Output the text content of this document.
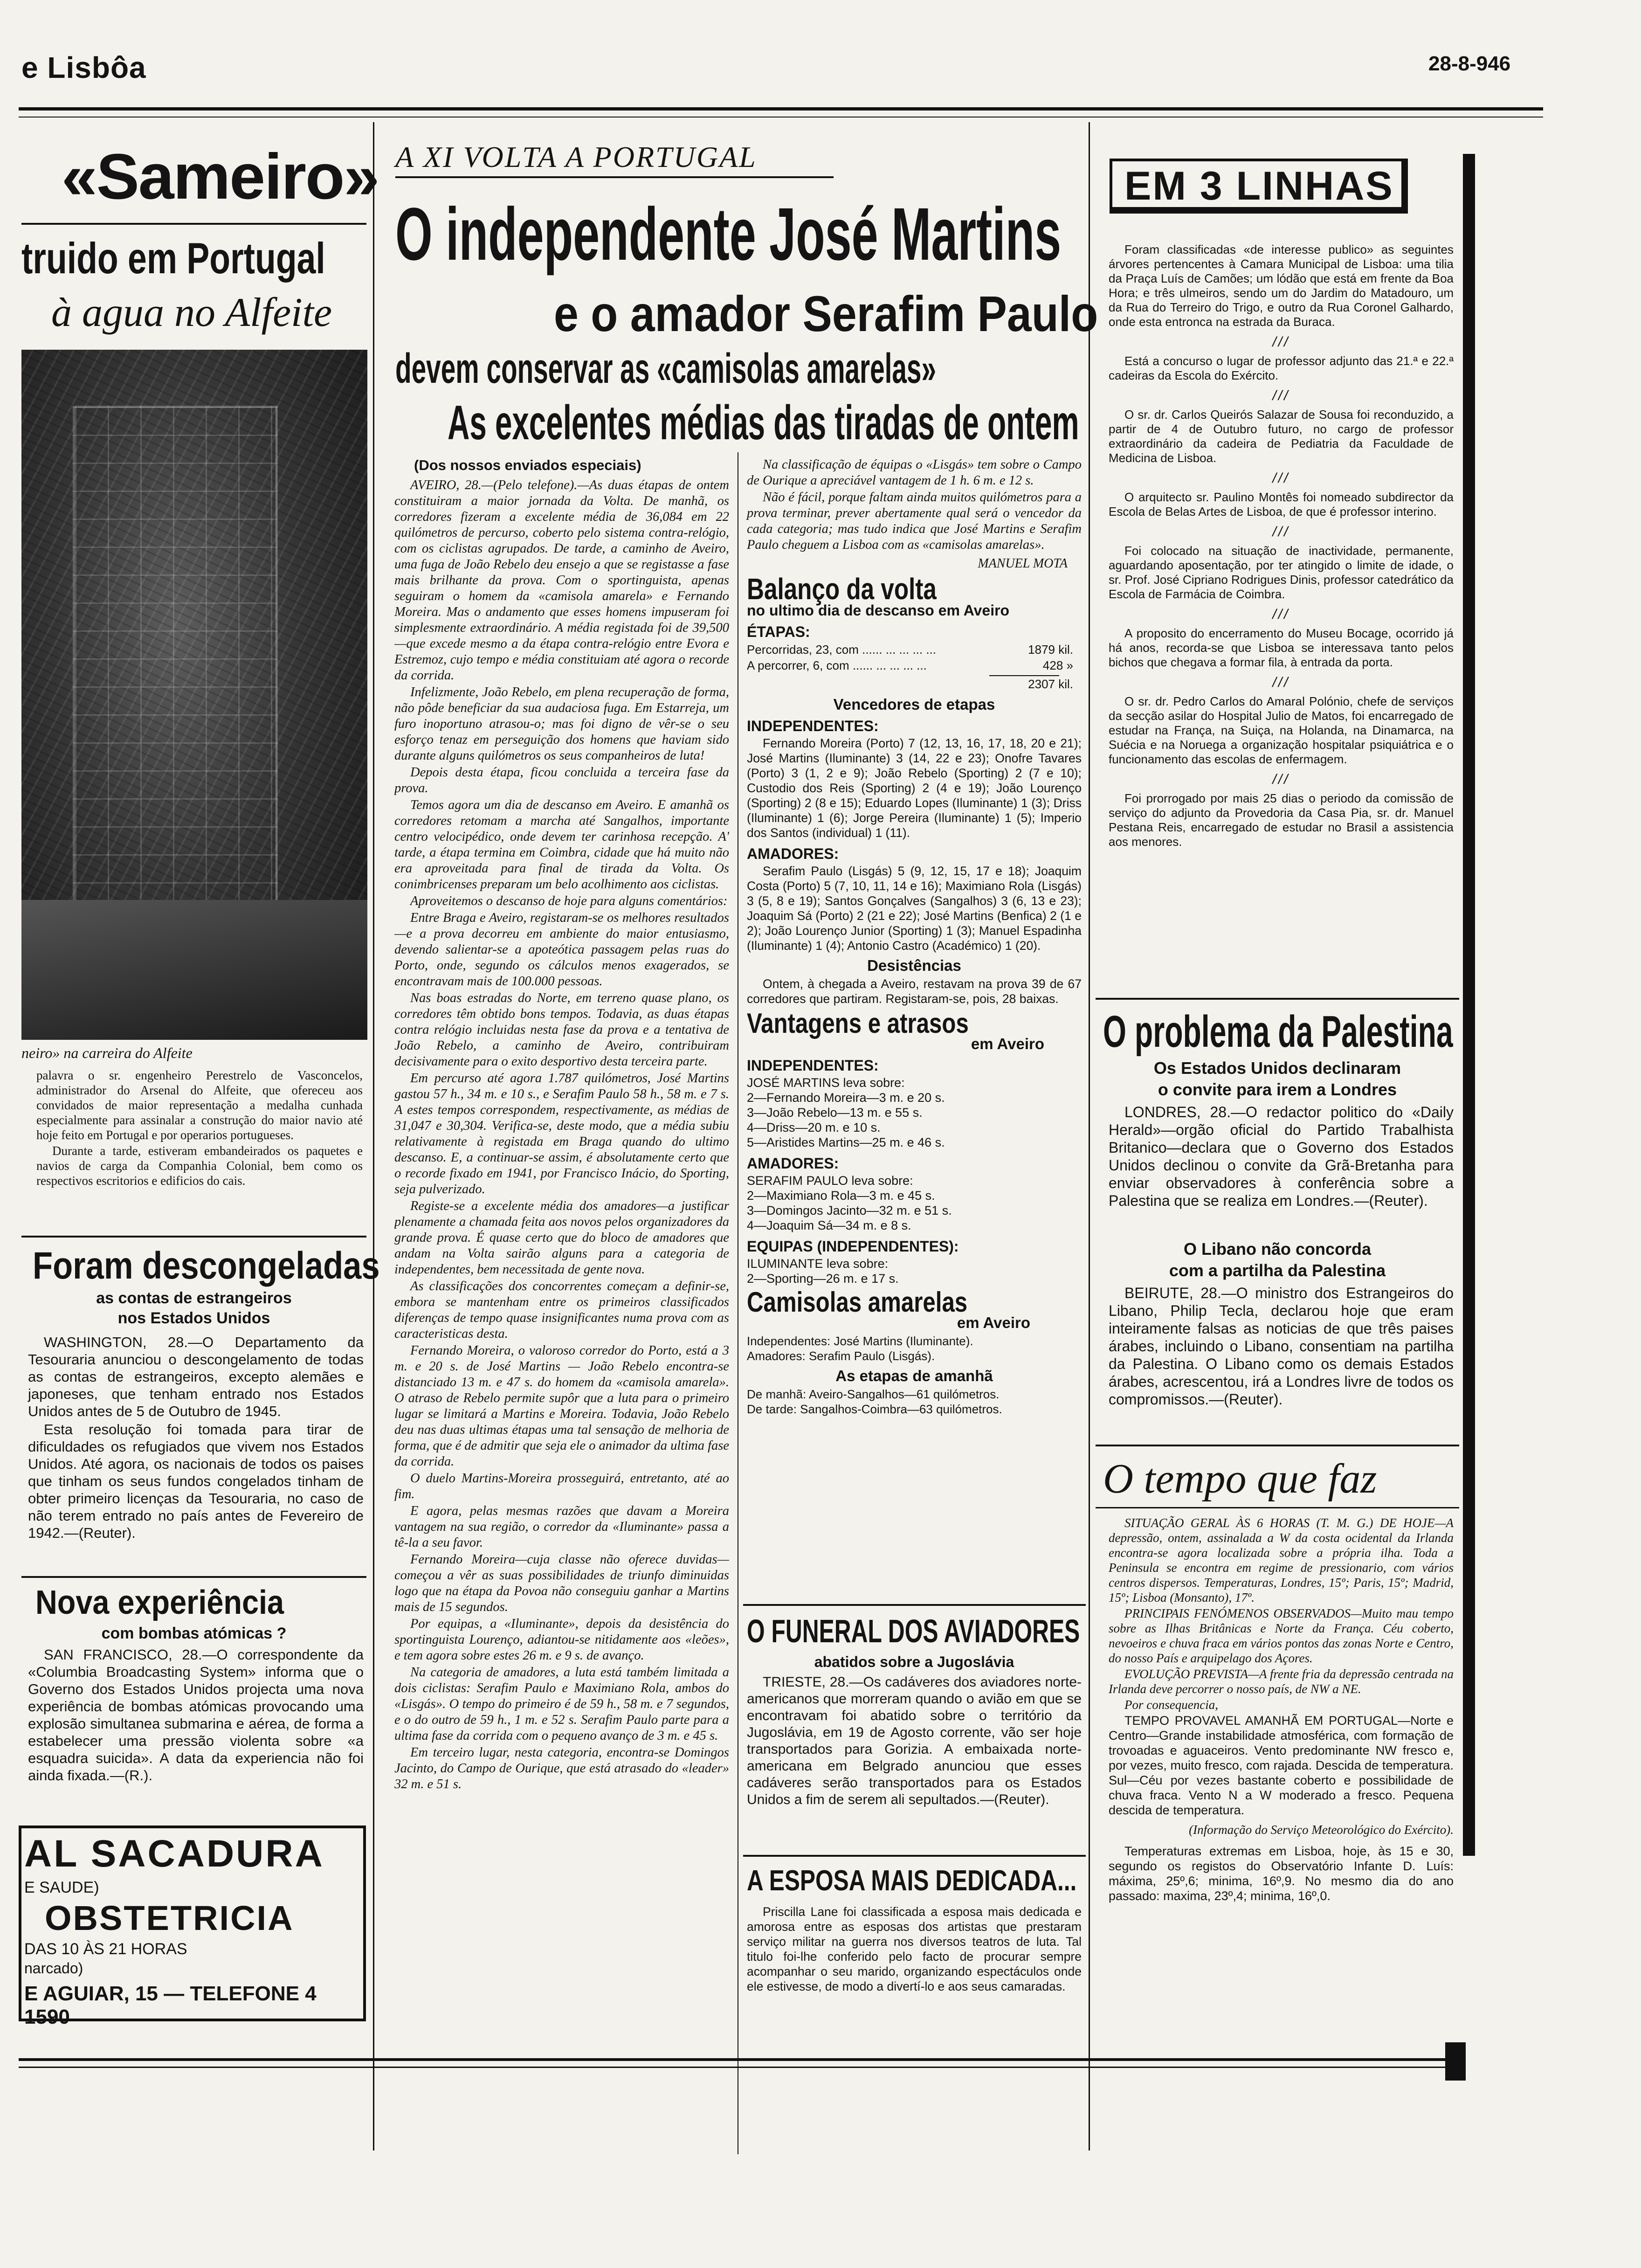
e Lisbôa	28-8-946
«Sameiro»
truido em Portugal
à agua no Alfeite
neiro» na carreira do Alfeite

palavra o sr. engenheiro Perestrelo de Vasconcelos, administrador do Arsenal do Alfeite, que ofereceu aos convidados de maior representação a medalha cunhada especialmente para assinalar a construção do maior navio até hoje feito em Portugal e por operarios portugueses.

Durante a tarde, estiveram embandeirados os paquetes e navios de carga da Companhia Colonial, bem como os respectivos escritorios e edificios do cais.

Foram descongeladas
as contas de estrangeiros
nos Estados Unidos

WASHINGTON, 28.—O Departamento da Tesouraria anunciou o descongelamento de todas as contas de estrangeiros, excepto alemães e japoneses, que tenham entrado nos Estados Unidos antes de 5 de Outubro de 1945.

Esta resolução foi tomada para tirar de dificuldades os refugiados que vivem nos Estados Unidos. Até agora, os nacionais de todos os paises que tinham os seus fundos congelados tinham de obter primeiro licenças da Tesouraria, no caso de não terem entrado no país antes de Fevereiro de 1942.—(Reuter).

Nova experiência
com bombas atómicas ?

SAN FRANCISCO, 28.—O correspondente da «Columbia Broadcasting System» informa que o Governo dos Estados Unidos projecta uma nova experiência de bombas atómicas provocando uma explosão simultanea submarina e aérea, de forma a estabelecer uma pressão violenta sobre «a esquadra suicida». A data da experiencia não foi ainda fixada.—(R.).

AL SACADURA
E SAUDE)
OBSTETRICIA
DAS 10 ÀS 21 HORAS
narcado)
E AGUIAR, 15 — TELEFONE 4 1590
A XI VOLTA A PORTUGAL
O independente José Martins
e o amador Serafim Paulo
devem conservar as «camisolas amarelas»
As excelentes médias das tiradas de ontem
(Dos nossos enviados especiais)

AVEIRO, 28.—(Pelo telefone).—As duas étapas de ontem constituiram a maior jornada da Volta. De manhã, os corredores fizeram a excelente média de 36,084 em 22 quilómetros de percurso, coberto pelo sistema contra-relógio, com os ciclistas agrupados. De tarde, a caminho de Aveiro, uma fuga de João Rebelo deu ensejo a que se registasse a fase mais brilhante da prova. Com o sportinguista, apenas seguiram o homem da «camisola amarela» e Fernando Moreira. Mas o andamento que esses homens impuseram foi simplesmente extraordinário. A média registada foi de 39,500—que excede mesmo a da étapa contra-relógio entre Evora e Estremoz, cujo tempo e média constituiam até agora o recorde da corrida.

Infelizmente, João Rebelo, em plena recuperação de forma, não pôde beneficiar da sua audaciosa fuga. Em Estarreja, um furo inoportuno atrasou-o; mas foi digno de vêr-se o seu esforço tenaz em perseguição dos homens que haviam sido durante alguns quilómetros os seus companheiros de luta!

Depois desta étapa, ficou concluida a terceira fase da prova.

Temos agora um dia de descanso em Aveiro. E amanhã os corredores retomam a marcha até Sangalhos, importante centro velocipédico, onde devem ter carinhosa recepção. A' tarde, a étapa termina em Coimbra, cidade que há muito não era aproveitada para final de tirada da Volta. Os conimbricenses preparam um belo acolhimento aos ciclistas.

Aproveitemos o descanso de hoje para alguns comentários:

Entre Braga e Aveiro, registaram-se os melhores resultados—e a prova decorreu em ambiente do maior entusiasmo, devendo salientar-se a apoteótica passagem pelas ruas do Porto, onde, segundo os cálculos menos exagerados, se encontravam mais de 100.000 pessoas.

Nas boas estradas do Norte, em terreno quase plano, os corredores têm obtido bons tempos. Todavia, as duas étapas contra relógio incluidas nesta fase da prova e a tentativa de João Rebelo, a caminho de Aveiro, contribuiram decisivamente para o exito desportivo desta terceira parte.

Em percurso até agora 1.787 quilómetros, José Martins gastou 57 h., 34 m. e 10 s., e Serafim Paulo 58 h., 58 m. e 7 s. A estes tempos correspondem, respectivamente, as médias de 31,047 e 30,304. Verifica-se, deste modo, que a média subiu relativamente à registada em Braga quando do ultimo descanso. E, a continuar-se assim, é absolutamente certo que o recorde fixado em 1941, por Francisco Inácio, do Sporting, seja pulverizado.

Registe-se a excelente média dos amadores—a justificar plenamente a chamada feita aos novos pelos organizadores da grande prova. É quase certo que do bloco de amadores que andam na Volta sairão alguns para a categoria de independentes, bem necessitada de gente nova.

As classificações dos concorrentes começam a definir-se, embora se mantenham entre os primeiros classificados diferenças de tempo quase insignificantes numa prova com as caracteristicas desta.

Fernando Moreira, o valoroso corredor do Porto, está a 3 m. e 20 s. de José Martins — João Rebelo encontra-se distanciado 13 m. e 47 s. do homem da «camisola amarela». O atraso de Rebelo permite supôr que a luta para o primeiro lugar se limitará a Martins e Moreira. Todavia, João Rebelo deu nas duas ultimas étapas uma tal sensação de melhoria de forma, que é de admitir que seja ele o animador da ultima fase da corrida.

O duelo Martins-Moreira prosseguirá, entretanto, até ao fim.

E agora, pelas mesmas razões que davam a Moreira vantagem na sua região, o corredor da «Iluminante» passa a tê-la a seu favor.

Fernando Moreira—cuja classe não oferece duvidas—começou a vêr as suas possibilidades de triunfo diminuidas logo que na étapa da Povoa não conseguiu ganhar a Martins mais de 15 segundos.

Por equipas, a «Iluminante», depois da desistência do sportinguista Lourenço, adiantou-se nitidamente aos «leões», e tem agora sobre estes 26 m. e 9 s. de avanço.

Na categoria de amadores, a luta está também limitada a dois ciclistas: Serafim Paulo e Maximiano Rola, ambos do «Lisgás». O tempo do primeiro é de 59 h., 58 m. e 7 segundos, e o do outro de 59 h., 1 m. e 52 s. Serafim Paulo parte para a ultima fase da corrida com o pequeno avanço de 3 m. e 45 s.

Em terceiro lugar, nesta categoria, encontra-se Domingos Jacinto, do Campo de Ourique, que está atrasado do «leader» 32 m. e 51 s.

Na classificação de équipas o «Lisgás» tem sobre o Campo de Ourique a apreciável vantagem de 1 h. 6 m. e 12 s.

Não é fácil, porque faltam ainda muitos quilómetros para a prova terminar, prever abertamente qual será o vencedor da cada categoria; mas tudo indica que José Martins e Serafim Paulo cheguem a Lisboa com as «camisolas amarelas».

MANUEL MOTA
Balanço da volta
no ultimo dia de descanso em Aveiro
ÉTAPAS:
Percorridas, 23, com ...... ... ... ... ...	1879 kil.
A percorrer, 6, com ...... ... ... ... ...	428 »
2307 kil.
Vencedores de etapas
INDEPENDENTES:

Fernando Moreira (Porto) 7 (12, 13, 16, 17, 18, 20 e 21); José Martins (Iluminante) 3 (14, 22 e 23); Onofre Tavares (Porto) 3 (1, 2 e 9); João Rebelo (Sporting) 2 (7 e 10); Custodio dos Reis (Sporting) 2 (4 e 19); João Lourenço (Sporting) 2 (8 e 15); Eduardo Lopes (Iluminante) 1 (3); Driss (Iluminante) 1 (6); Jorge Pereira (Iluminante) 1 (5); Imperio dos Santos (individual) 1 (11).

AMADORES:

Serafim Paulo (Lisgás) 5 (9, 12, 15, 17 e 18); Joaquim Costa (Porto) 5 (7, 10, 11, 14 e 16); Maximiano Rola (Lisgás) 3 (5, 8 e 19); Santos Gonçalves (Sangalhos) 3 (6, 13 e 23); Joaquim Sá (Porto) 2 (21 e 22); José Martins (Benfica) 2 (1 e 2); João Lourenço Junior (Sporting) 1 (3); Manuel Espadinha (Iluminante) 1 (4); Antonio Castro (Académico) 1 (20).

Desistências

Ontem, à chegada a Aveiro, restavam na prova 39 de 67 corredores que partiram. Registaram-se, pois, 28 baixas.

Vantagens e atrasos
em Aveiro
INDEPENDENTES:
JOSÉ MARTINS leva sobre:
2—Fernando Moreira—3 m. e 20 s.
3—João Rebelo—13 m. e 55 s.
4—Driss—20 m. e 10 s.
5—Aristides Martins—25 m. e 46 s.
AMADORES:
SERAFIM PAULO leva sobre:
2—Maximiano Rola—3 m. e 45 s.
3—Domingos Jacinto—32 m. e 51 s.
4—Joaquim Sá—34 m. e 8 s.
EQUIPAS (INDEPENDENTES):
ILUMINANTE leva sobre:
2—Sporting—26 m. e 17 s.
Camisolas amarelas
em Aveiro
Independentes: José Martins (Iluminante).
Amadores: Serafim Paulo (Lisgás).
As etapas de amanhã
De manhã: Aveiro-Sangalhos—61 quilómetros.
De tarde: Sangalhos-Coimbra—63 quilómetros.
O FUNERAL DOS AVIADORES
abatidos sobre a Jugoslávia

TRIESTE, 28.—Os cadáveres dos aviadores norte-americanos que morreram quando o avião em que se encontravam foi abatido sobre o território da Jugoslávia, em 19 de Agosto corrente, vão ser hoje transportados para Gorizia. A embaixada norte-americana em Belgrado anunciou que esses cadáveres serão transportados para os Estados Unidos a fim de serem ali sepultados.—(Reuter).

A ESPOSA MAIS DEDICADA...

Priscilla Lane foi classificada a esposa mais dedicada e amorosa entre as esposas dos artistas que prestaram serviço militar na guerra nos diversos teatros de luta. Tal titulo foi-lhe conferido pelo facto de procurar sempre acompanhar o seu marido, organizando espectáculos onde ele estivesse, de modo a divertí-lo e aos seus camaradas.

EM 3 LINHAS

Foram classificadas «de interesse publico» as seguintes árvores pertencentes à Camara Municipal de Lisboa: uma tilia da Praça Luís de Camões; um lódão que está em frente da Boa Hora; e três ulmeiros, sendo um do Jardim do Matadouro, um da Rua do Terreiro do Trigo, e outro da Rua Coronel Galhardo, onde esta entronca na estrada da Buraca.

///

Está a concurso o lugar de professor adjunto das 21.ª e 22.ª cadeiras da Escola do Exército.

///

O sr. dr. Carlos Queirós Salazar de Sousa foi reconduzido, a partir de 4 de Outubro futuro, no cargo de professor extraordinário da cadeira de Pediatria da Faculdade de Medicina de Lisboa.

///

O arquitecto sr. Paulino Montês foi nomeado subdirector da Escola de Belas Artes de Lisboa, de que é professor interino.

///

Foi colocado na situação de inactividade, permanente, aguardando aposentação, por ter atingido o limite de idade, o sr. Prof. José Cipriano Rodrigues Dinis, professor catedrático da Escola de Farmácia de Coimbra.

///

A proposito do encerramento do Museu Bocage, ocorrido já há anos, recorda-se que Lisboa se interessava tanto pelos bichos que chegava a formar fila, à entrada da porta.

///

O sr. dr. Pedro Carlos do Amaral Polónio, chefe de serviços da secção asilar do Hospital Julio de Matos, foi encarregado de estudar na França, na Suiça, na Holanda, na Dinamarca, na Suécia e na Noruega a organização hospitalar psiquiátrica e o funcionamento das escolas de enfermagem.

///

Foi prorrogado por mais 25 dias o periodo da comissão de serviço do adjunto da Provedoria da Casa Pia, sr. dr. Manuel Pestana Reis, encarregado de estudar no Brasil a assistencia aos menores.

O problema da Palestina
Os Estados Unidos declinaram
o convite para irem a Londres

LONDRES, 28.—O redactor politico do «Daily Herald»—orgão oficial do Partido Trabalhista Britanico—declara que o Governo dos Estados Unidos declinou o convite da Grã-Bretanha para enviar observadores à conferência sobre a Palestina que se realiza em Londres.—(Reuter).

O Libano não concorda
com a partilha da Palestina

BEIRUTE, 28.—O ministro dos Estrangeiros do Libano, Philip Tecla, declarou hoje que eram inteiramente falsas as noticias de que três paises árabes, incluindo o Libano, consentiam na partilha da Palestina. O Libano como os demais Estados árabes, acrescentou, irá a Londres livre de todos os compromissos.—(Reuter).

O tempo que faz

SITUAÇÃO GERAL ÀS 6 HORAS (T. M. G.) DE HOJE—A depressão, ontem, assinalada a W da costa ocidental da Irlanda encontra-se agora localizada sobre a própria ilha. Toda a Peninsula se encontra em regime de pressionario, com vários centros dispersos. Temperaturas, Londres, 15º; Paris, 15º; Madrid, 15º; Lisboa (Monsanto), 17º.

PRINCIPAIS FENÓMENOS OBSERVADOS—Muito mau tempo sobre as Ilhas Britânicas e Norte da França. Céu coberto, nevoeiros e chuva fraca em vários pontos das zonas Norte e Centro, do nosso País e arquipelago dos Açores.

EVOLUÇÃO PREVISTA—A frente fria da depressão centrada na Irlanda deve percorrer o nosso país, de NW a NE.

Por consequencia,

TEMPO PROVAVEL AMANHÃ EM PORTUGAL—Norte e Centro—Grande instabilidade atmosférica, com formação de trovoadas e aguaceiros. Vento predominante NW fresco e, por vezes, muito fresco, com rajada. Descida de temperatura. Sul—Céu por vezes bastante coberto e possibilidade de chuva fraca. Vento N a W moderado a fresco. Pequena descida de temperatura.

(Informação do Serviço Meteorológico do Exército).

Temperaturas extremas em Lisboa, hoje, às 15 e 30, segundo os registos do Observatório Infante D. Luís: máxima, 25º,6; minima, 16º,9. No mesmo dia do ano passado: maxima, 23º,4; minima, 16º,0.
